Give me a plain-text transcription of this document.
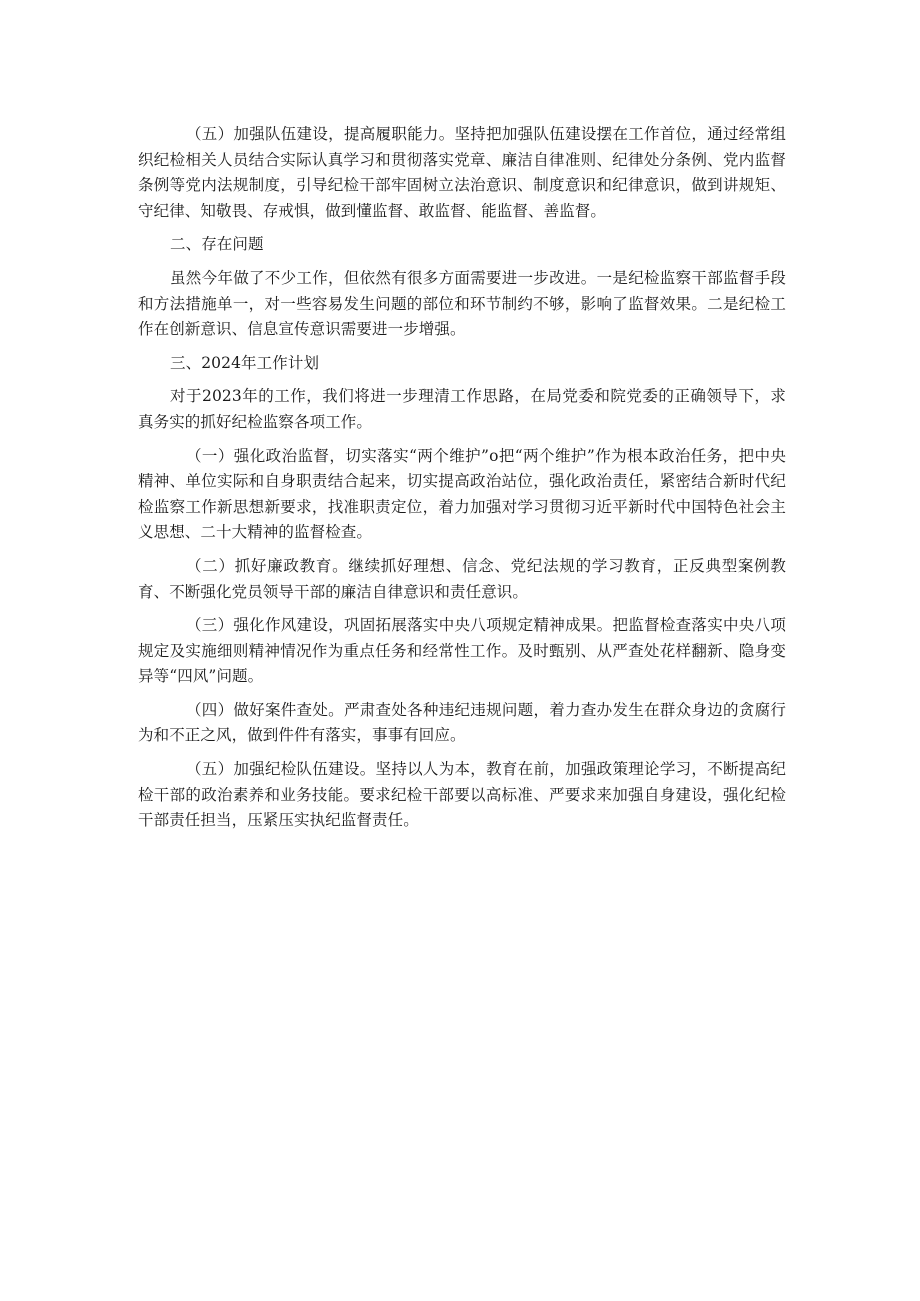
（五）加强队伍建设，提高履职能力。坚持把加强队伍建设摆在工作首位，通过经常组织纪检相关人员结合实际认真学习和贯彻落实党章、廉洁自律准则、纪律处分条例、党内监督条例等党内法规制度，引导纪检干部牢固树立法治意识、制度意识和纪律意识，做到讲规矩、守纪律、知敬畏、存戒惧，做到懂监督、敢监督、能监督、善监督。

二、存在问题

虽然今年做了不少工作，但依然有很多方面需要进一步改进。一是纪检监察干部监督手段和方法措施单一，对一些容易发生问题的部位和环节制约不够，影响了监督效果。二是纪检工作在创新意识、信息宣传意识需要进一步增强。

三、2024年工作计划

对于2023年的工作，我们将进一步理清工作思路，在局党委和院党委的正确领导下，求真务实的抓好纪检监察各项工作。

（一）强化政治监督，切实落实“两个维护”o把“两个维护”作为根本政治任务，把中央精神、单位实际和自身职责结合起来，切实提高政治站位，强化政治责任，紧密结合新时代纪检监察工作新思想新要求，找准职责定位，着力加强对学习贯彻习近平新时代中国特色社会主义思想、二十大精神的监督检查。

（二）抓好廉政教育。继续抓好理想、信念、党纪法规的学习教育，正反典型案例教育、不断强化党员领导干部的廉洁自律意识和责任意识。

（三）强化作风建设，巩固拓展落实中央八项规定精神成果。把监督检查落实中央八项规定及实施细则精神情况作为重点任务和经常性工作。及时甄别、从严查处花样翻新、隐身变异等“四风”问题。

（四）做好案件查处。严肃查处各种违纪违规问题，着力查办发生在群众身边的贪腐行为和不正之风，做到件件有落实，事事有回应。

（五）加强纪检队伍建设。坚持以人为本，教育在前，加强政策理论学习，不断提高纪检干部的政治素养和业务技能。要求纪检干部要以高标准、严要求来加强自身建设，强化纪检干部责任担当，压紧压实执纪监督责任。
